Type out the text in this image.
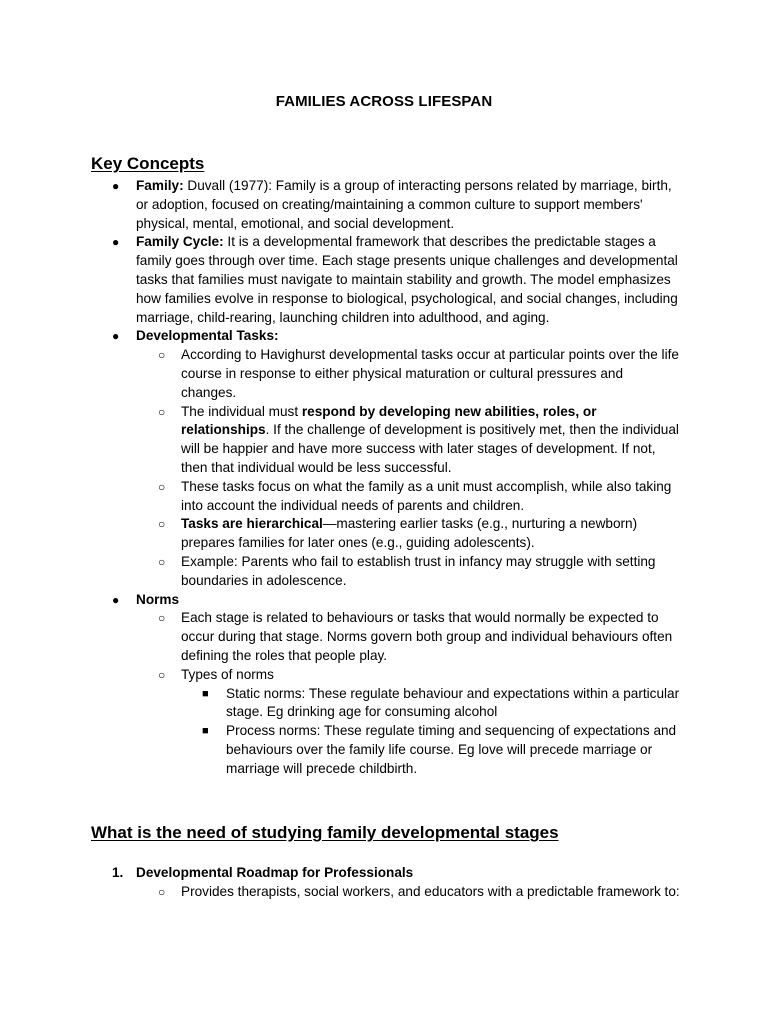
FAMILIES ACROSS LIFESPAN
Key Concepts
● Family: Duvall (1977): Family is a group of interacting persons related by marriage, birth, or adoption, focused on creating/maintaining a common culture to support members' physical, mental, emotional, and social development.
● Family Cycle: It is a developmental framework that describes the predictable stages a family goes through over time. Each stage presents unique challenges and developmental tasks that families must navigate to maintain stability and growth. The model emphasizes how families evolve in response to biological, psychological, and social changes, including marriage, child-rearing, launching children into adulthood, and aging.
● Developmental Tasks:
○ According to Havighurst developmental tasks occur at particular points over the life course in response to either physical maturation or cultural pressures and changes.
○ The individual must respond by developing new abilities, roles, or relationships. If the challenge of development is positively met, then the individual will be happier and have more success with later stages of development. If not, then that individual would be less successful.
○ These tasks focus on what the family as a unit must accomplish, while also taking into account the individual needs of parents and children.
○ Tasks are hierarchical—mastering earlier tasks (e.g., nurturing a newborn) prepares families for later ones (e.g., guiding adolescents).
○ Example: Parents who fail to establish trust in infancy may struggle with setting boundaries in adolescence.
● Norms
○ Each stage is related to behaviours or tasks that would normally be expected to occur during that stage. Norms govern both group and individual behaviours often defining the roles that people play.
○ Types of norms
■ Static norms: These regulate behaviour and expectations within a particular stage. Eg drinking age for consuming alcohol
■ Process norms: These regulate timing and sequencing of expectations and behaviours over the family life course. Eg love will precede marriage or marriage will precede childbirth.
What is the need of studying family developmental stages
1. Developmental Roadmap for Professionals
○ Provides therapists, social workers, and educators with a predictable framework to:
